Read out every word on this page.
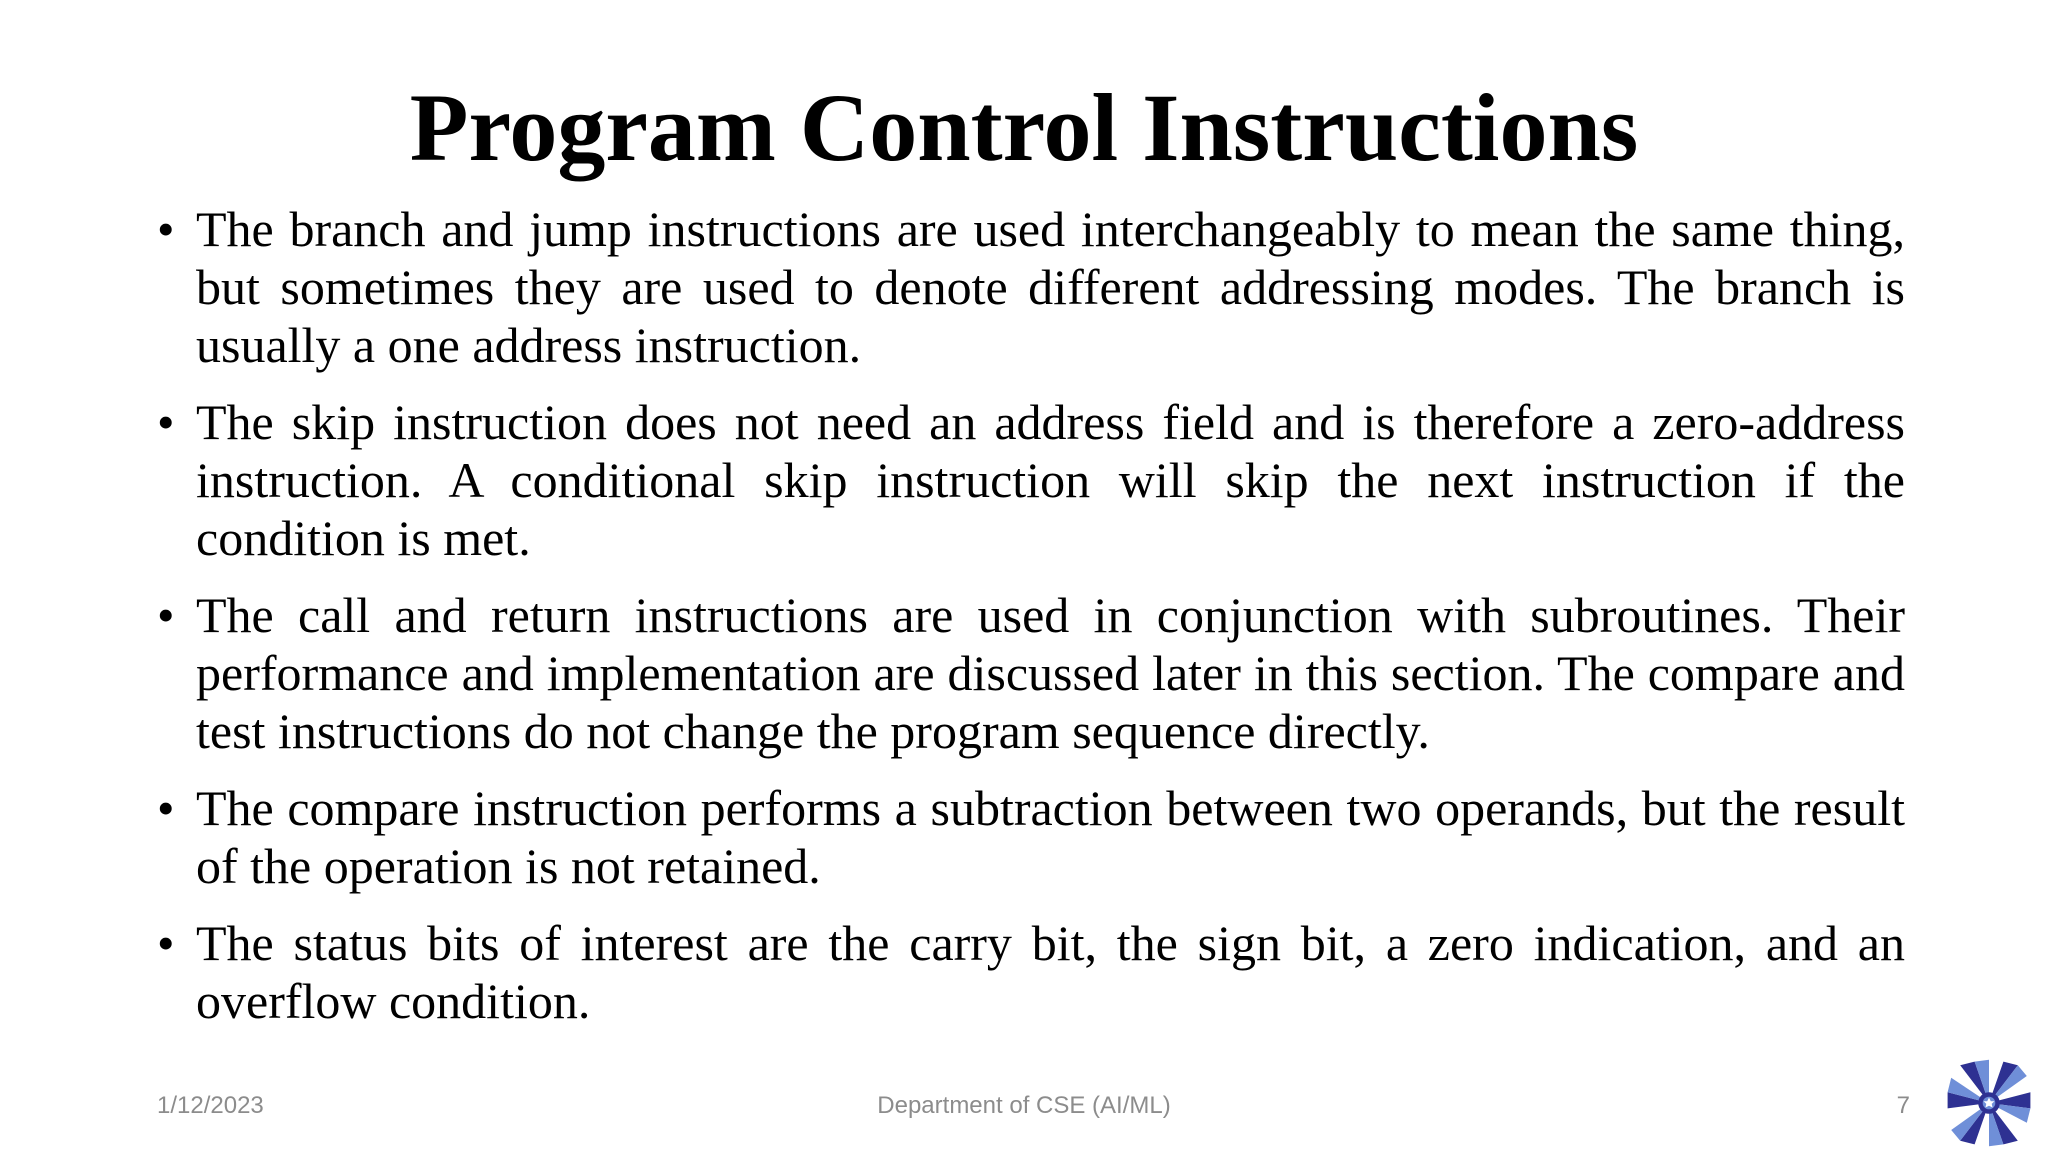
Program Control Instructions
• The branch and jump instructions are used interchangeably to mean the same thing, but sometimes they are used to denote different addressing modes. The branch is usually a one address instruction.
• The skip instruction does not need an address field and is therefore a zero-address instruction. A conditional skip instruction will skip the next instruction if the condition is met.
• The call and return instructions are used in conjunction with subroutines. Their performance and implementation are discussed later in this section. The compare and test instructions do not change the program sequence directly.
• The compare instruction performs a subtraction between two operands, but the result of the operation is not retained.
• The status bits of interest are the carry bit, the sign bit, a zero indication, and an overflow condition.
1/12/2023	Department of CSE (AI/ML)	7
